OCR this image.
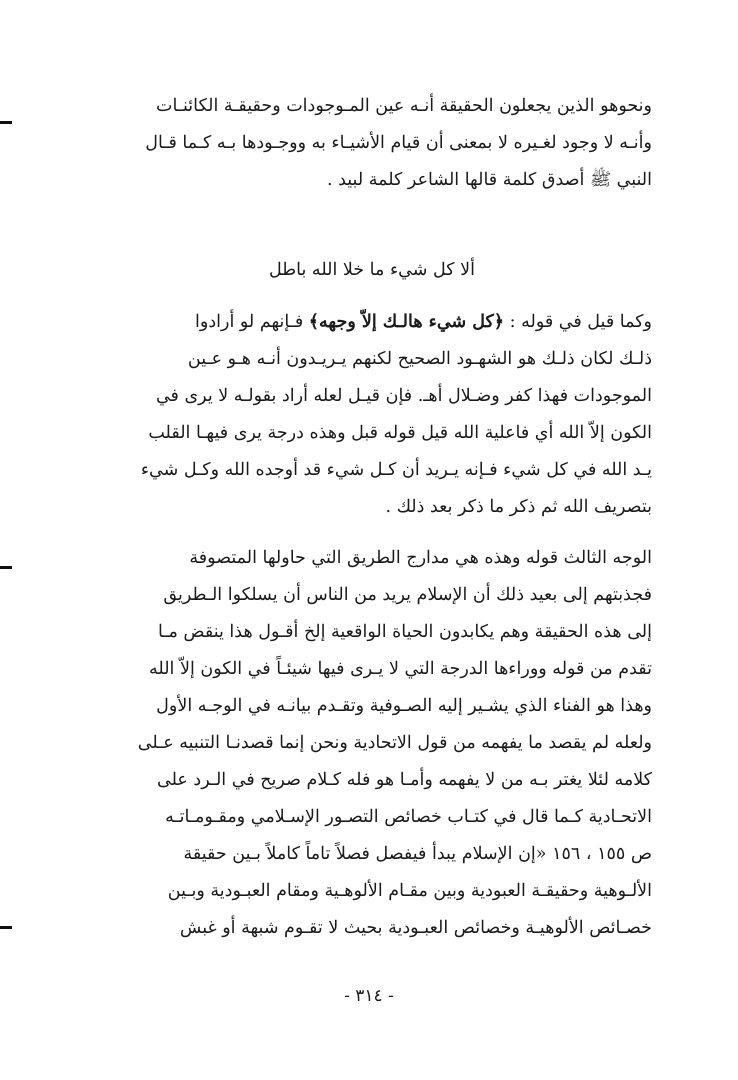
ونحوهو الذين يجعلون الحقيقة أنـه عين المـوجودات وحقيقـة الكائنـات
وأنـه لا وجود لغـيره لا بمعنى أن قيام الأشيـاء به ووجـودها بـه كـما قـال
النبي ﷺ أصدق كلمة قالها الشاعر كلمة لبيد .
ألا كل شيء ما خلا الله باطل
وكما قيل في قوله : ﴿كل شيء هالـك إلاّ وجهه﴾ فـإنهم لو أرادوا
ذلـك لكان ذلـك هو الشهـود الصحيح لكنهم يـريـدون أنـه هـو عـين
الموجودات فهذا كفر وضـلال أهـ. فإن قيـل لعله أراد بقولـه لا يرى في
الكون إلاّ الله أي فاعلية الله قيل قوله قبل وهذه درجة يرى فيهـا القلب
يـد الله في كل شيء فـإنه يـريد أن كـل شيء قد أوجده الله وكـل شيء
بتصريف الله ثم ذكر ما ذكر بعد ذلك .
الوجه الثالث قوله وهذه هي مدارج الطريق التي حاولها المتصوفة
فجذبتهم إلى بعيد ذلك أن الإسلام يريد من الناس أن يسلكوا الـطريق
إلى هذه الحقيقة وهم يكابدون الحياة الواقعية إلخ أقـول هذا ينقض مـا
تقدم من قوله ووراءها الدرجة التي لا يـرى فيها شيئـاً في الكون إلاّ الله
وهذا هو الفناء الذي يشـير إليه الصـوفية وتقـدم بيانـه في الوجـه الأول
ولعله لم يقصد ما يفهمه من قول الاتحادية ونحن إنما قصدنـا التنبيه عـلى
كلامه لئلا يغتر بـه من لا يفهمه وأمـا هو فله كـلام صريح في الـرد على
الاتحـادية كـما قال في كتـاب خصائص التصـور الإسـلامي ومقـومـاتـه
ص ١٥٥ ، ١٥٦ «إن الإسلام يبدأ فيفصل فصلاً تاماً كاملاً بـين حقيقة
الألـوهية وحقيقـة العبودية وبين مقـام الألوهـية ومقام العبـودية وبـين
خصـائص الألوهيـة وخصائص العبـودية بحيث لا تقـوم شبهة أو غبش
- ٣١٤ -
